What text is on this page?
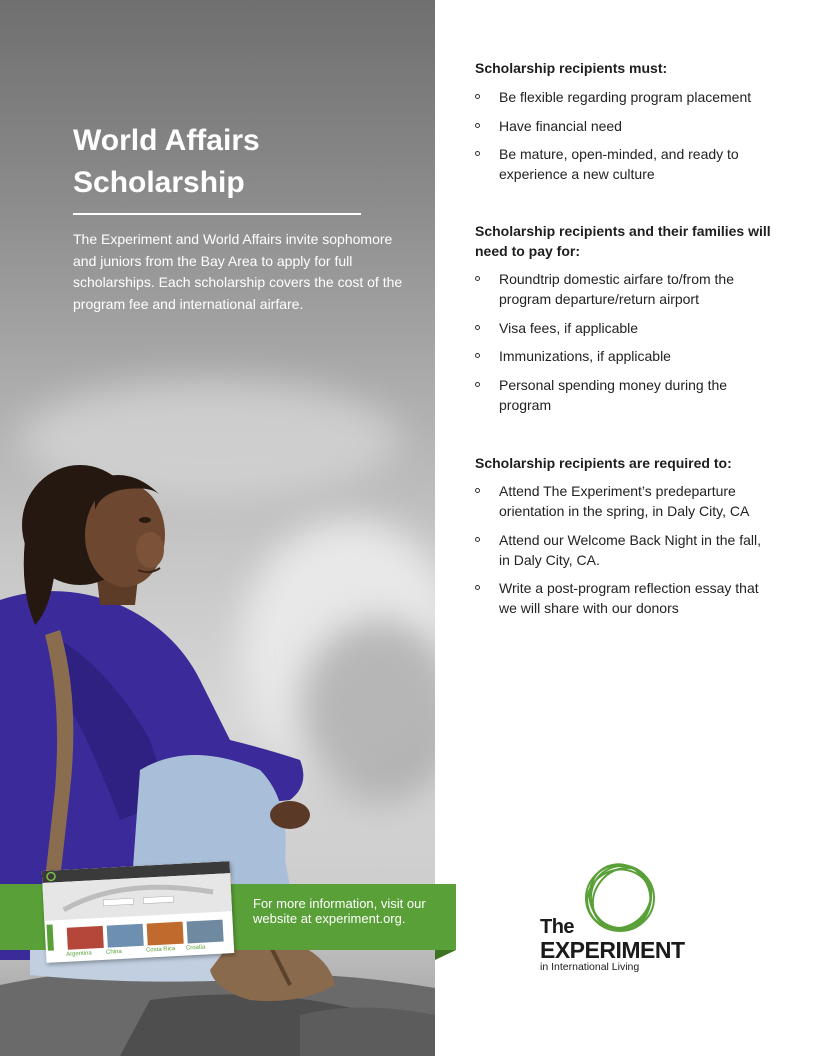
World Affairs Scholarship

The Experiment and World Affairs invite sophomore and juniors from the Bay Area to apply for full scholarships. Each scholarship covers the cost of the program fee and international airfare.

Argentina	China	Costa Rica	Croatia

For more information, visit our website at experiment.org.

Scholarship recipients must:

Be flexible regarding program placement
Have financial need
Be mature, open-minded, and ready to experience a new culture

Scholarship recipients and their families will need to pay for:

Roundtrip domestic airfare to/from the program departure/return airport
Visa fees, if applicable
Immunizations, if applicable
Personal spending money during the program

Scholarship recipients are required to:

Attend The Experiment’s predeparture orientation in the spring, in Daly City, CA
Attend our Welcome Back Night in the fall, in Daly City, CA.
Write a post-program reflection essay that we will share with our donors
The
EXPERIMENT
in International Living
